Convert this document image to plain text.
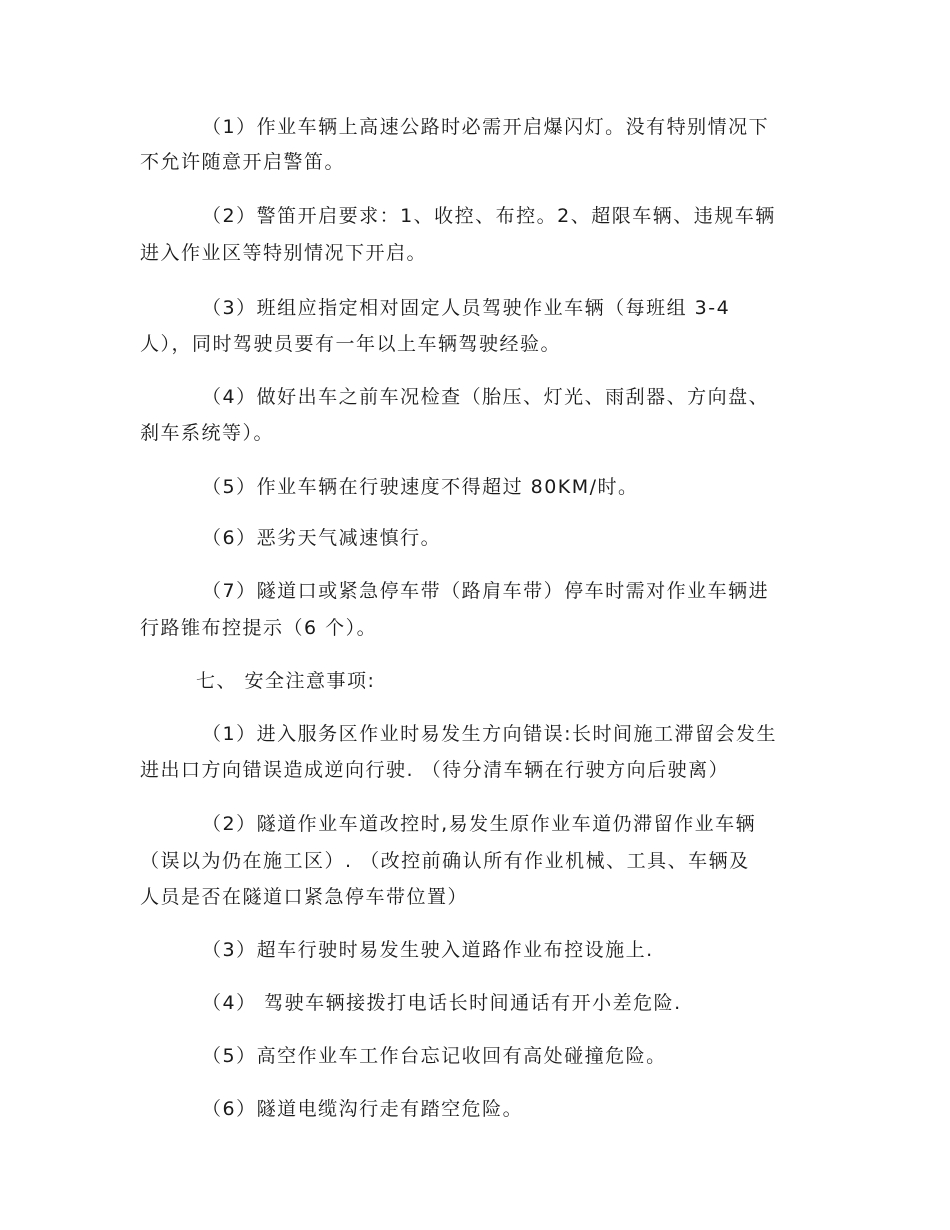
（1）作业车辆上高速公路时必需开启爆闪灯。没有特别情况下
不允许随意开启警笛。
（2）警笛开启要求：1、收控、布控。2、超限车辆、违规车辆
进入作业区等特别情况下开启。
（3）班组应指定相对固定人员驾驶作业车辆（每班组 3-4
人），同时驾驶员要有一年以上车辆驾驶经验。
（4）做好出车之前车况检查（胎压、灯光、雨刮器、方向盘、
刹车系统等）。
（5）作业车辆在行驶速度不得超过 80KM/时。
（6）恶劣天气减速慎行。
（7）隧道口或紧急停车带（路肩车带）停车时需对作业车辆进
行路锥布控提示（6 个）。
七、 安全注意事项:
（1）进入服务区作业时易发生方向错误:长时间施工滞留会发生
进出口方向错误造成逆向行驶. （待分清车辆在行驶方向后驶离）
（2）隧道作业车道改控时,易发生原作业车道仍滞留作业车辆
（误以为仍在施工区）. （改控前确认所有作业机械、工具、车辆及
人员是否在隧道口紧急停车带位置）
（3）超车行驶时易发生驶入道路作业布控设施上.
（4） 驾驶车辆接拨打电话长时间通话有开小差危险.
（5）高空作业车工作台忘记收回有高处碰撞危险。
（6）隧道电缆沟行走有踏空危险。
